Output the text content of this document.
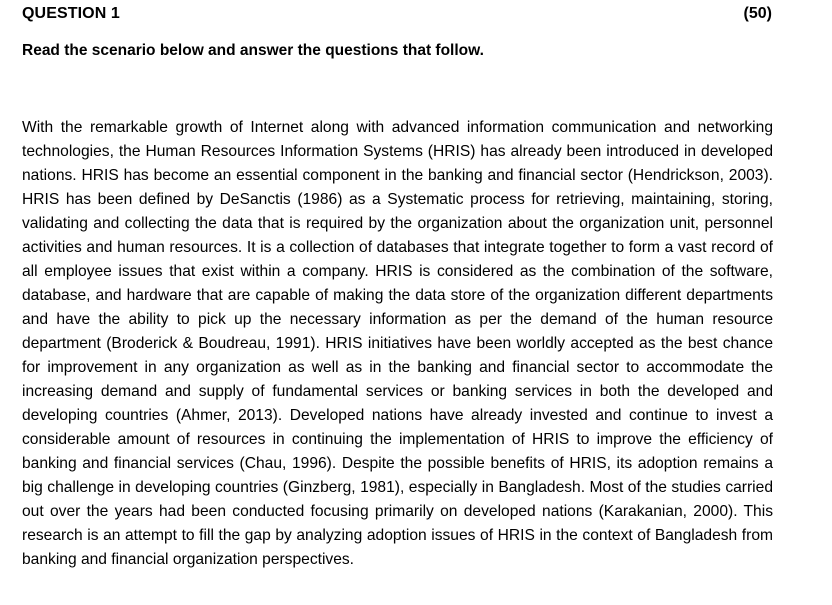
QUESTION 1	(50)
Read the scenario below and answer the questions that follow.

With the remarkable growth of Internet along with advanced information communication and networking technologies, the Human Resources Information Systems (HRIS) has already been introduced in developed nations. HRIS has become an essential component in the banking and financial sector (Hendrickson, 2003). HRIS has been defined by DeSanctis (1986) as a Systematic process for retrieving, maintaining, storing, validating and collecting the data that is required by the organization about the organization unit, personnel activities and human resources. It is a collection of databases that integrate together to form a vast record of all employee issues that exist within a company. HRIS is considered as the combination of the software, database, and hardware that are capable of making the data store of the organization different departments and have the ability to pick up the necessary information as per the demand of the human resource department (Broderick & Boudreau, 1991). HRIS initiatives have been worldly accepted as the best chance for improvement in any organization as well as in the banking and financial sector to accommodate the increasing demand and supply of fundamental services or banking services in both the developed and developing countries (Ahmer, 2013). Developed nations have already invested and continue to invest a considerable amount of resources in continuing the implementation of HRIS to improve the efficiency of banking and financial services (Chau, 1996). Despite the possible benefits of HRIS, its adoption remains a big challenge in developing countries (Ginzberg, 1981), especially in Bangladesh. Most of the studies carried out over the years had been conducted focusing primarily on developed nations (Karakanian, 2000). This research is an attempt to fill the gap by analyzing adoption issues of HRIS in the context of Bangladesh from banking and financial organization perspectives.
